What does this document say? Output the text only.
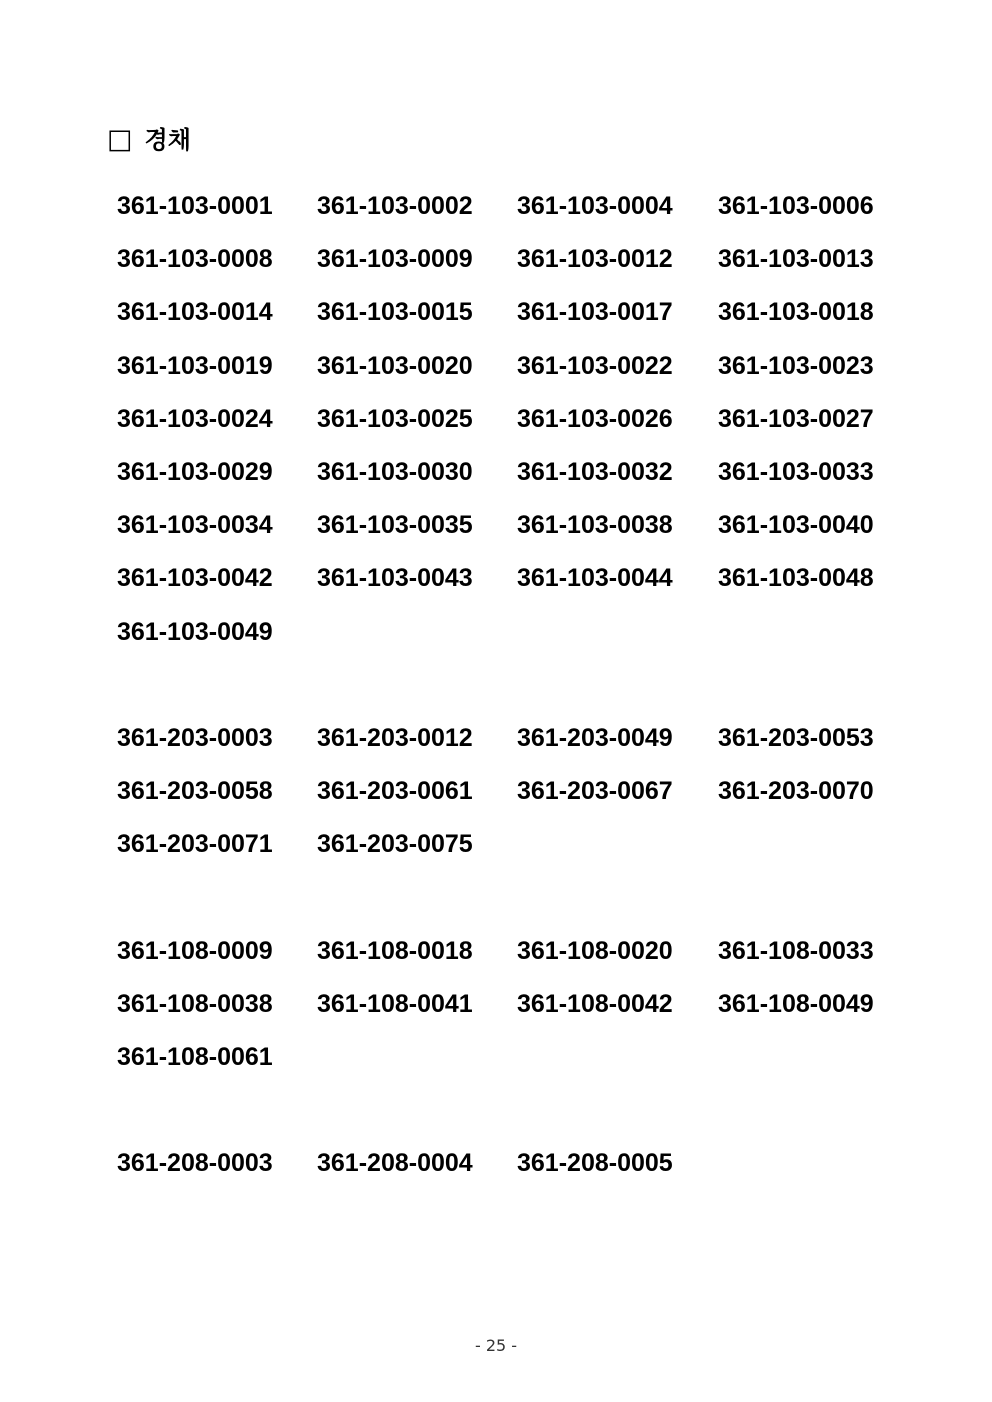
□ 경채
361-103-0001	361-103-0002	361-103-0004	361-103-0006
361-103-0008	361-103-0009	361-103-0012	361-103-0013
361-103-0014	361-103-0015	361-103-0017	361-103-0018
361-103-0019	361-103-0020	361-103-0022	361-103-0023
361-103-0024	361-103-0025	361-103-0026	361-103-0027
361-103-0029	361-103-0030	361-103-0032	361-103-0033
361-103-0034	361-103-0035	361-103-0038	361-103-0040
361-103-0042	361-103-0043	361-103-0044	361-103-0048
361-103-0049
361-203-0003	361-203-0012	361-203-0049	361-203-0053
361-203-0058	361-203-0061	361-203-0067	361-203-0070
361-203-0071	361-203-0075
361-108-0009	361-108-0018	361-108-0020	361-108-0033
361-108-0038	361-108-0041	361-108-0042	361-108-0049
361-108-0061
361-208-0003	361-208-0004	361-208-0005
- 25 -
